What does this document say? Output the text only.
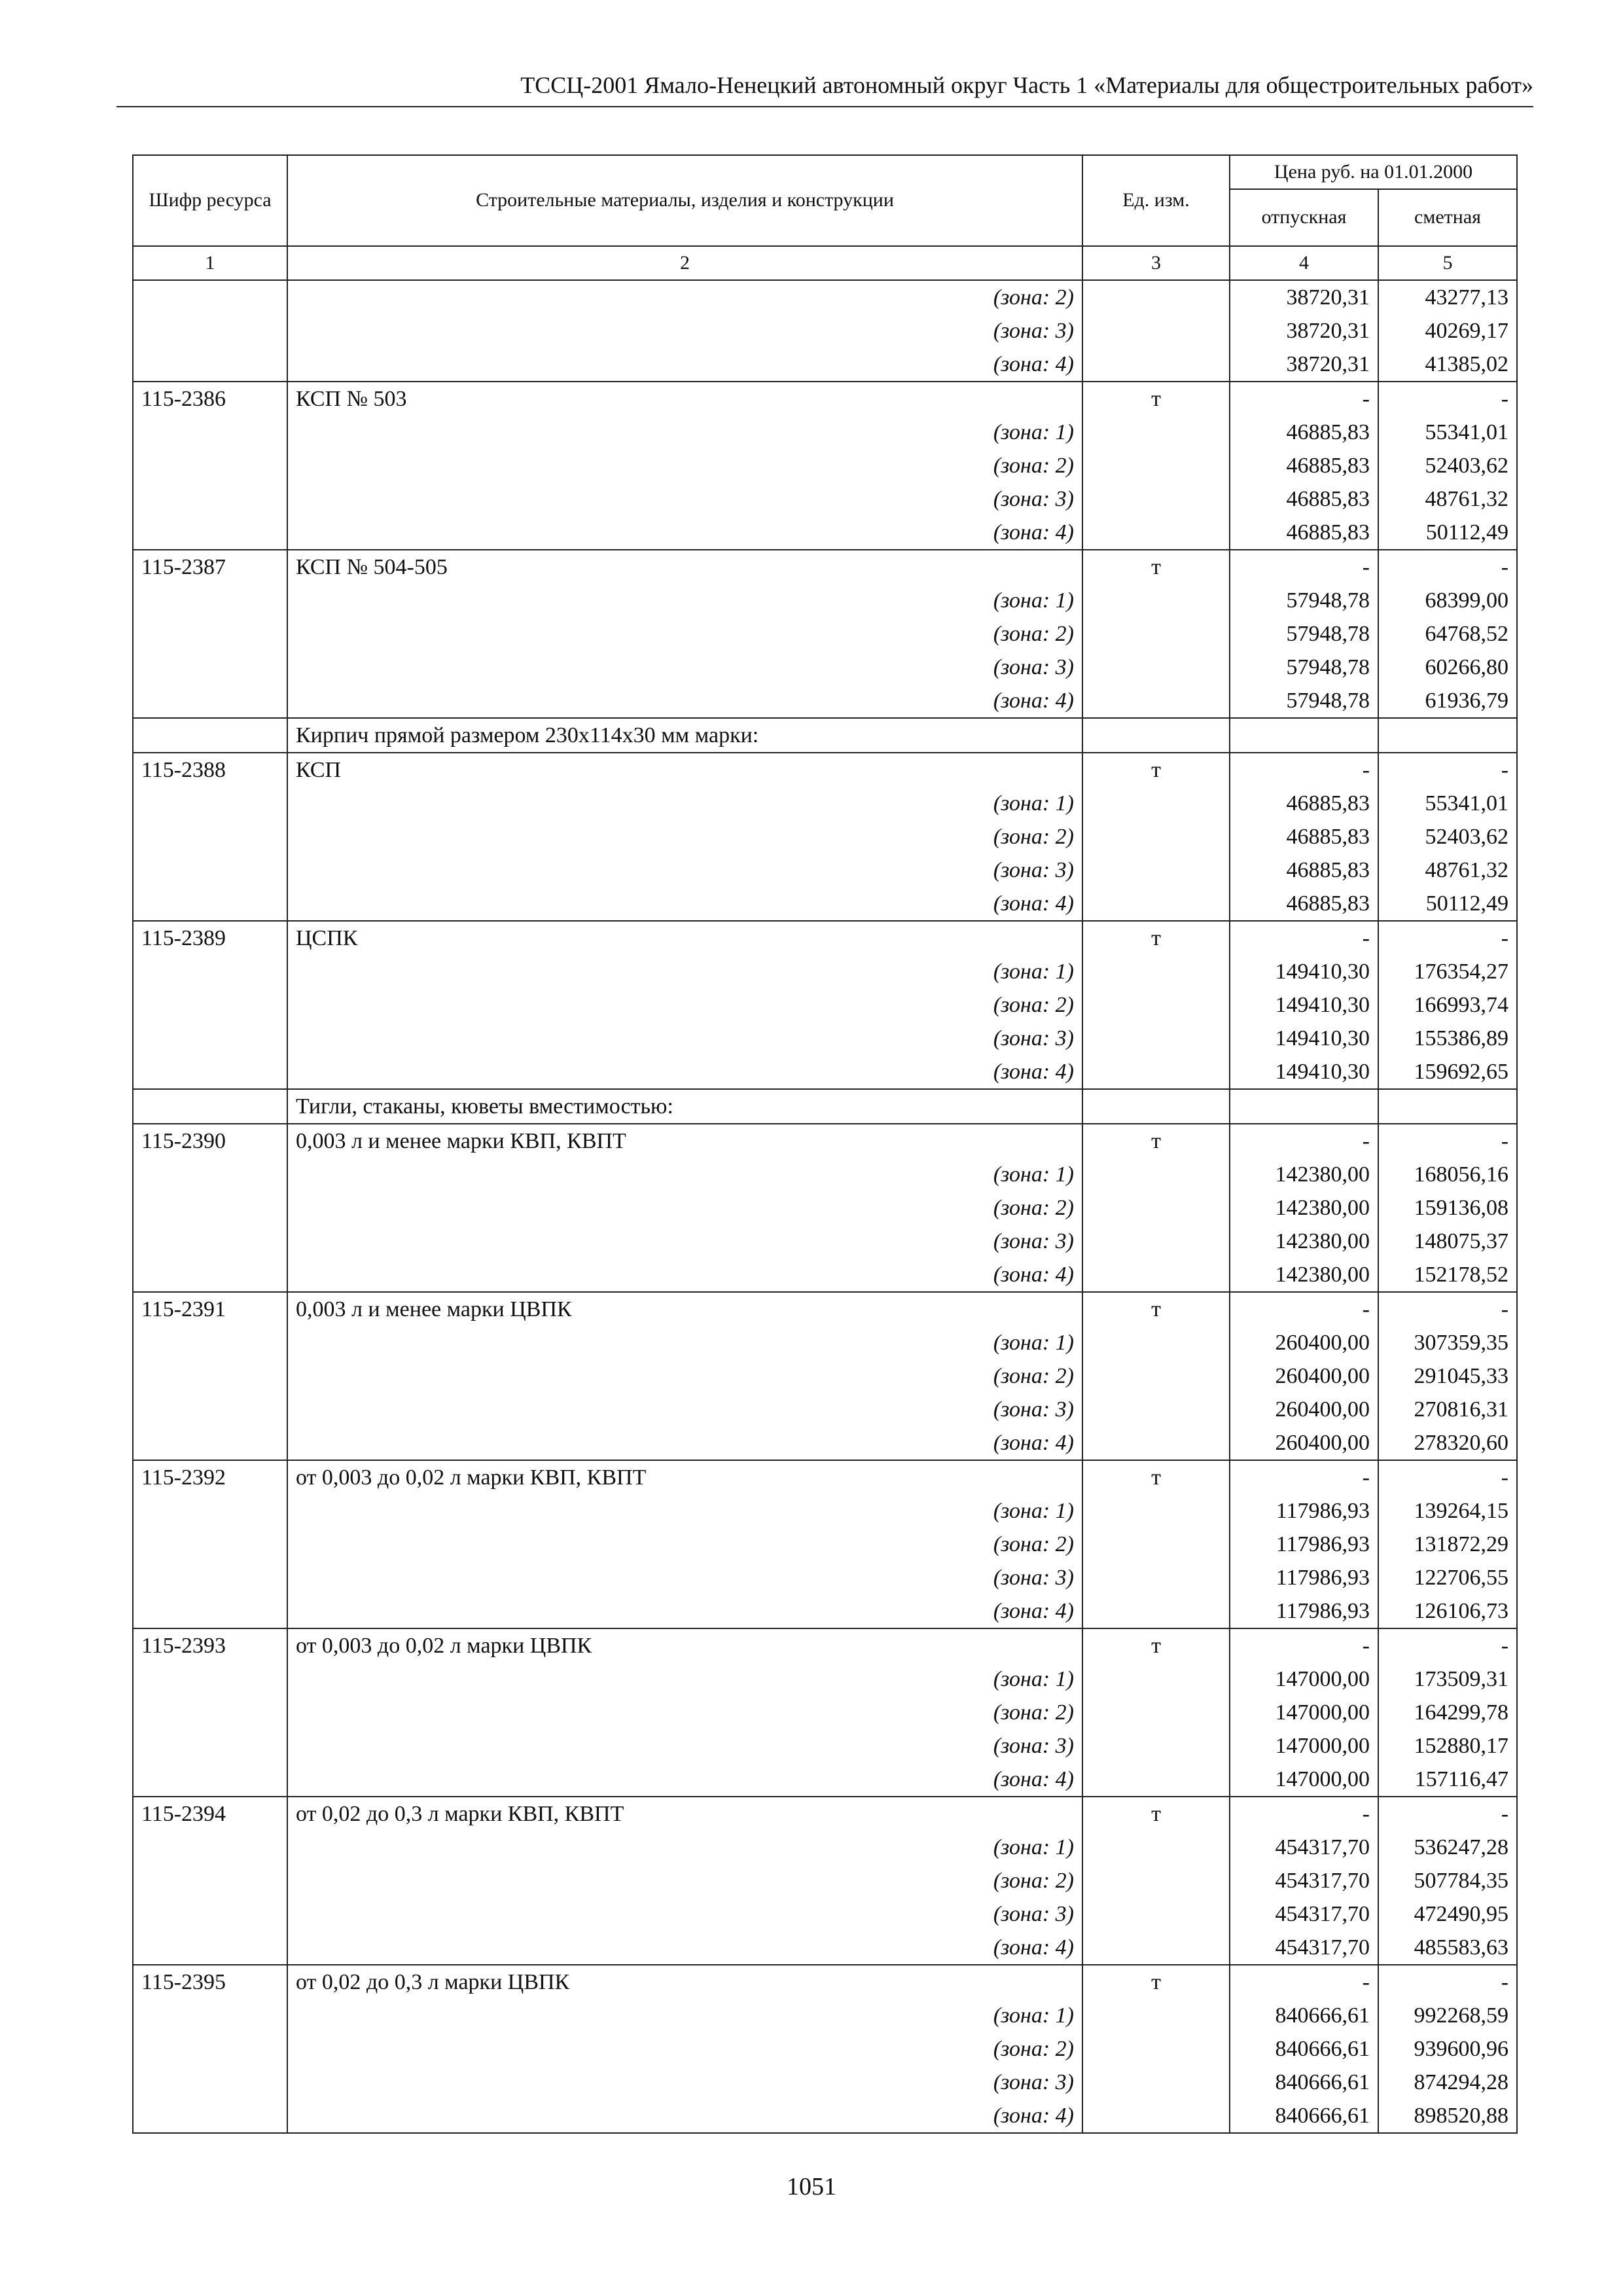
ТССЦ-2001 Ямало-Ненецкий автономный округ Часть 1 «Материалы для общестроительных работ»
Шифр ресурса	Строительные материалы, изделия и конструкции	Ед. изм.	Цена руб. на 01.01.2000	
			отпускная	сметная
1	2	3	4	5
	(зона: 2)		38720,31	43277,13
	(зона: 3)		38720,31	40269,17
	(зона: 4)		38720,31	41385,02
115-2386	КСП № 503	т	-	-
	(зона: 1)		46885,83	55341,01
	(зона: 2)		46885,83	52403,62
	(зона: 3)		46885,83	48761,32
	(зона: 4)		46885,83	50112,49
115-2387	КСП № 504-505	т	-	-
	(зона: 1)		57948,78	68399,00
	(зона: 2)		57948,78	64768,52
	(зона: 3)		57948,78	60266,80
	(зона: 4)		57948,78	61936,79
	Кирпич прямой размером 230х114х30 мм марки:			
115-2388	КСП	т	-	-
	(зона: 1)		46885,83	55341,01
	(зона: 2)		46885,83	52403,62
	(зона: 3)		46885,83	48761,32
	(зона: 4)		46885,83	50112,49
115-2389	ЦСПК	т	-	-
	(зона: 1)		149410,30	176354,27
	(зона: 2)		149410,30	166993,74
	(зона: 3)		149410,30	155386,89
	(зона: 4)		149410,30	159692,65
	Тигли, стаканы, кюветы вместимостью:			
115-2390	0,003 л и менее марки КВП, КВПТ	т	-	-
	(зона: 1)		142380,00	168056,16
	(зона: 2)		142380,00	159136,08
	(зона: 3)		142380,00	148075,37
	(зона: 4)		142380,00	152178,52
115-2391	0,003 л и менее марки ЦВПК	т	-	-
	(зона: 1)		260400,00	307359,35
	(зона: 2)		260400,00	291045,33
	(зона: 3)		260400,00	270816,31
	(зона: 4)		260400,00	278320,60
115-2392	от 0,003 до 0,02 л марки КВП, КВПТ	т	-	-
	(зона: 1)		117986,93	139264,15
	(зона: 2)		117986,93	131872,29
	(зона: 3)		117986,93	122706,55
	(зона: 4)		117986,93	126106,73
115-2393	от 0,003 до 0,02 л марки ЦВПК	т	-	-
	(зона: 1)		147000,00	173509,31
	(зона: 2)		147000,00	164299,78
	(зона: 3)		147000,00	152880,17
	(зона: 4)		147000,00	157116,47
115-2394	от 0,02 до 0,3 л марки КВП, КВПТ	т	-	-
	(зона: 1)		454317,70	536247,28
	(зона: 2)		454317,70	507784,35
	(зона: 3)		454317,70	472490,95
	(зона: 4)		454317,70	485583,63
115-2395	от 0,02 до 0,3 л марки ЦВПК	т	-	-
	(зона: 1)		840666,61	992268,59
	(зона: 2)		840666,61	939600,96
	(зона: 3)		840666,61	874294,28
	(зона: 4)		840666,61	898520,88
1051
